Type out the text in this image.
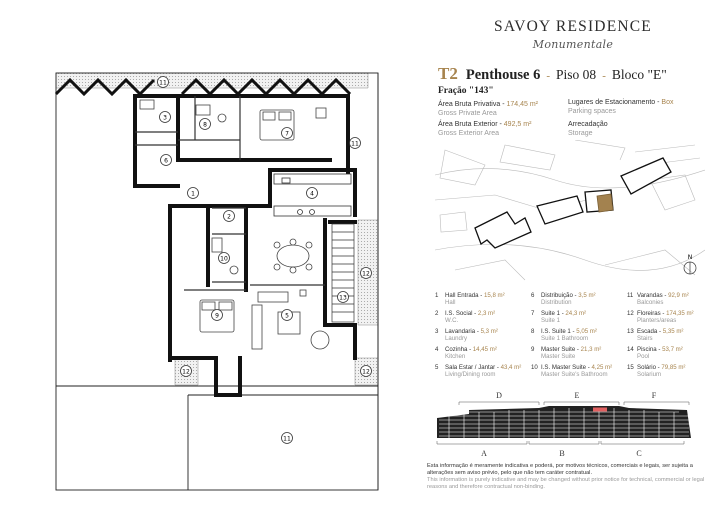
11
3
8
7
11
6
1	4
2
10
12
13
9	5
12	12
11
SAVOY RESIDENCE
Monumentale
T2 Penthouse 6 - Piso 08 - Bloco "E"
Fração "143"
Área Bruta Privativa - 174,45 m²
Gross Private Area
Área Bruta Exterior - 492,5 m²
Gross Exterior Area
Lugares de Estacionamento - Box
Parking spaces
Arrecadação
Storage
N
1 Hall Entrada - 15,8 m²
Hall
2 I.S. Social - 2,3 m²
W.C.
3 Lavandaria - 5,3 m²
Laundry
4 Cozinha - 14,45 m²
Kitchen
5 Sala Estar / Jantar - 43,4 m²
Living/Dining room
6 Distribuição - 3,5 m²
Distribution
7 Suite 1 - 24,3 m²
Suite 1
8 I.S. Suite 1 - 5,05 m²
Suite 1 Bathroom
9 Master Suite - 21,3 m²
Master Suite
10 I.S. Master Suite - 4,25 m²
Master Suite's Bathroom
11 Varandas - 92,9 m²
Balconies
12 Floreiras - 174,35 m²
Planters/areas
13 Escada - 5,35 m²
Stairs
14 Piscina - 53,7 m²
Pool
15 Solário - 79,85 m²
Solarium
D	E	F
A	B	C
Esta informação é meramente indicativa e poderá, por motivos técnicos, comerciais e legais, ser sujeita a alterações sem aviso prévio, pelo que não tem caráter contratual.
This information is purely indicative and may be changed without prior notice for technical, commercial or legal reasons and therefore contractual non-binding.
